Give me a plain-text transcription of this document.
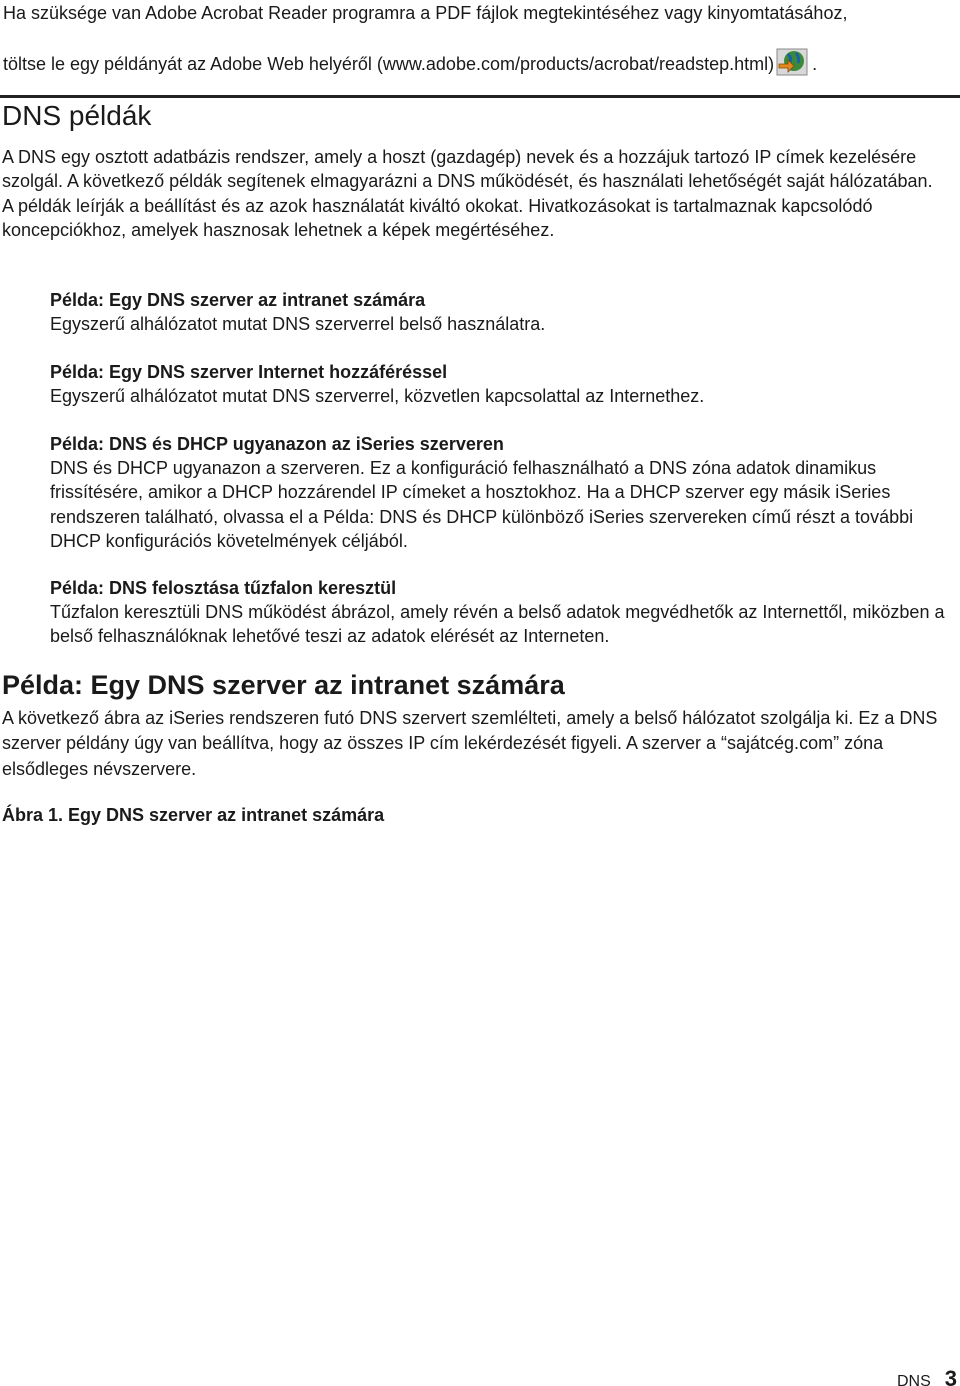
Ha szüksége van Adobe Acrobat Reader programra a PDF fájlok megtekintéséhez vagy kinyomtatásához,
töltse le egy példányát az Adobe Web helyéről (www.adobe.com/products/acrobat/readstep.html) .
DNS példák

A DNS egy osztott adatbázis rendszer, amely a hoszt (gazdagép) nevek és a hozzájuk tartozó IP címek kezelésére szolgál. A következő példák segítenek elmagyarázni a DNS működését, és használati lehetőségét saját hálózatában. A példák leírják a beállítást és az azok használatát kiváltó okokat. Hivatkozásokat is tartalmaznak kapcsolódó koncepciókhoz, amelyek hasznosak lehetnek a képek megértéséhez.

Példa: Egy DNS szerver az intranet számára
Egyszerű alhálózatot mutat DNS szerverrel belső használatra.
Példa: Egy DNS szerver Internet hozzáféréssel
Egyszerű alhálózatot mutat DNS szerverrel, közvetlen kapcsolattal az Internethez.
Példa: DNS és DHCP ugyanazon az iSeries szerveren
DNS és DHCP ugyanazon a szerveren. Ez a konfiguráció felhasználható a DNS zóna adatok dinamikus frissítésére, amikor a DHCP hozzárendel IP címeket a hosztokhoz. Ha a DHCP szerver egy másik iSeries rendszeren található, olvassa el a Példa: DNS és DHCP különböző iSeries szervereken című részt a további DHCP konfigurációs követelmények céljából.
Példa: DNS felosztása tűzfalon keresztül
Tűzfalon keresztüli DNS működést ábrázol, amely révén a belső adatok megvédhetők az Internettől, miközben a belső felhasználóknak lehetővé teszi az adatok elérését az Interneten.
Példa: Egy DNS szerver az intranet számára

A következő ábra az iSeries rendszeren futó DNS szervert szemlélteti, amely a belső hálózatot szolgálja ki. Ez a DNS szerver példány úgy van beállítva, hogy az összes IP cím lekérdezését figyeli. A szerver a “sajátcég.com” zóna elsődleges névszervere.

Ábra 1. Egy DNS szerver az intranet számára
DNS 3
